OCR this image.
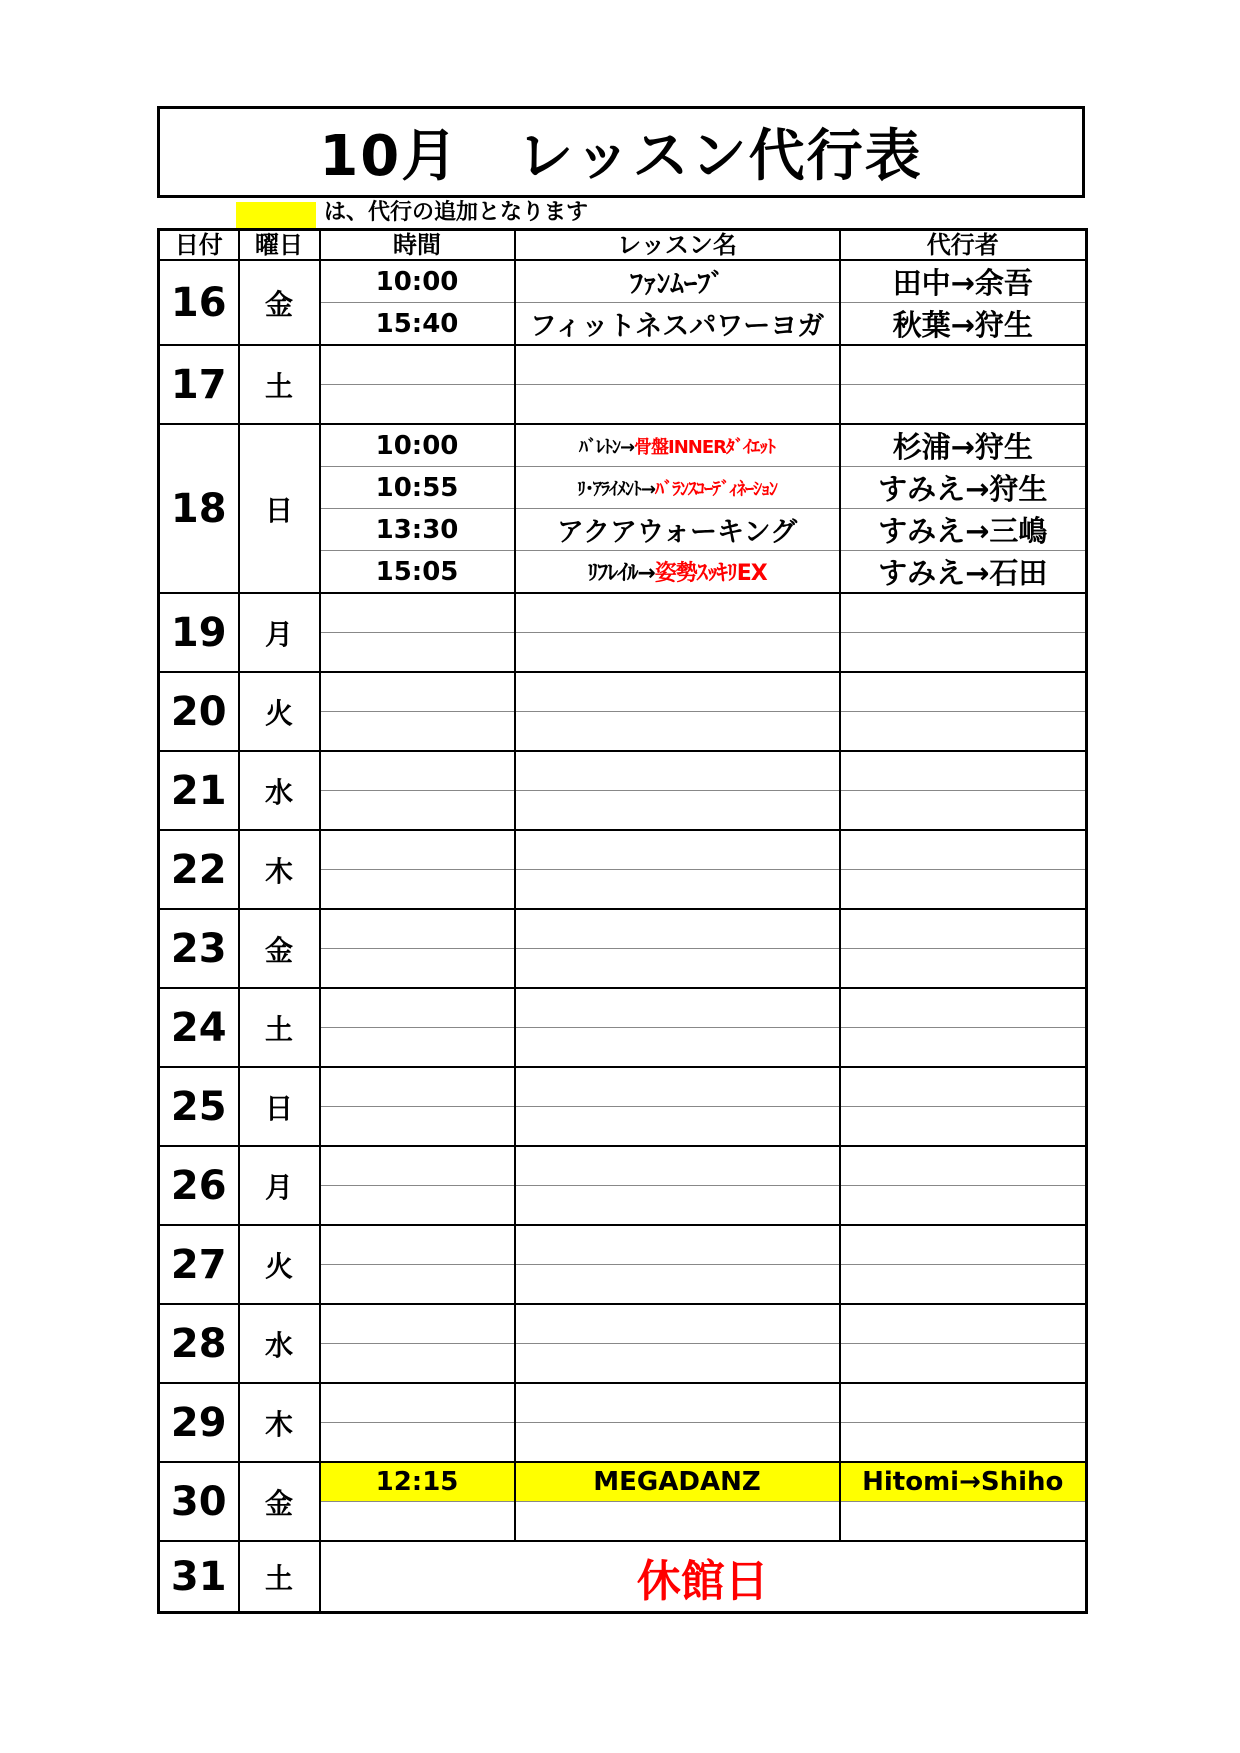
10月　レッスン代行表
は、代行の追加となります
日付	曜日	時間	レッスン名	代行者
16	金	10:00	ﾌｧﾝﾑｰﾌﾞ	田中→余吾
		15:40	フィットネスパワーヨガ	秋葉→狩生
17	土			

18	日	10:00	ﾊﾞﾚﾄﾝ→骨盤INNERﾀﾞｲｴｯﾄ	杉浦→狩生
		10:55	ﾘ･ｱﾗｲﾒﾝﾄ→ﾊﾞﾗﾝｽｺｰﾃﾞｨﾈｰｼｮﾝ	すみえ→狩生
		13:30	アクアウォーキング	すみえ→三嶋
		15:05	ﾘﾌﾚｲﾙ→姿勢ｽｯｷﾘEX	すみえ→石田
19	月			

20	火			

21	水			

22	木			

23	金			

24	土			

25	日			

26	月			

27	火			

28	水			

29	木			

30	金	12:15	MEGADANZ	Hitomi→Shiho

31	土	休館日		
